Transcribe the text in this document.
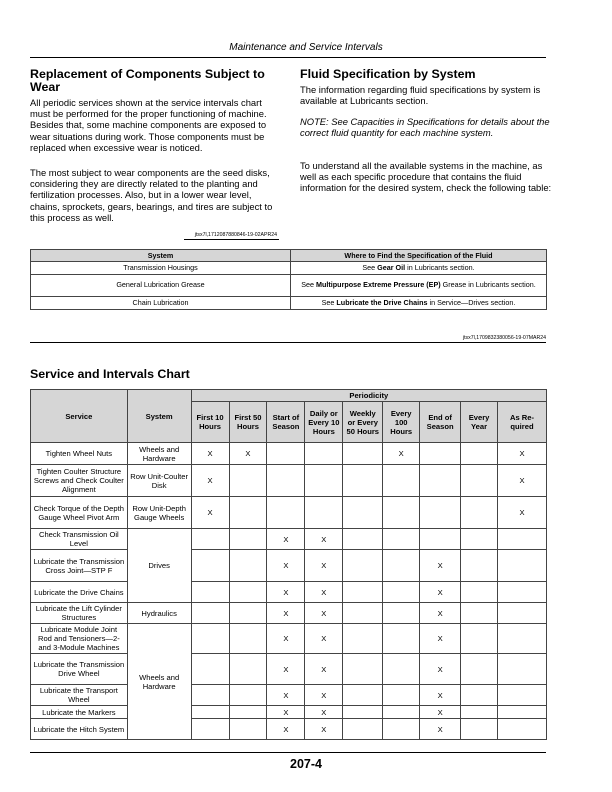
Maintenance and Service Intervals
Replacement of Components Subject to Wear
All periodic services shown at the service intervals chart must be performed for the proper functioning of machine. Besides that, some machine components are exposed to wear situations during work. Those components must be replaced when excessive wear is noticed.
The most subject to wear components are the seed disks, considering they are directly related to the planting and fertilization processes. Also, but in a lower wear level, chains, sprockets, gears, bearings, and tires are subject to this process as well.
jtsx7l,1712087880846-19-02APR24
Fluid Specification by System
The information regarding fluid specifications by system is available at Lubricants section.
NOTE: See Capacities in Specifications for details about the correct fluid quantity for each machine system.
To understand all the available systems in the machine, as well as each specific procedure that contains the fluid information for the desired system, check the following table:
System	Where to Find the Specification of the Fluid
Transmission Housings	See Gear Oil in Lubricants section.
General Lubrication Grease	See Multipurpose Extreme Pressure (EP) Grease in Lubricants section.
Chain Lubrication	See Lubricate the Drive Chains in Service—Drives section.
jtsx7l,1709832380056-19-07MAR24
Service and Intervals Chart
Service	System	Periodicity								
		First 10 Hours	First 50 Hours	Start of Season	Daily or Every 10 Hours	Weekly or Every 50 Hours	Every 100 Hours	End of Season	Every Year	As Re-quired
Tighten Wheel Nuts	Wheels and Hardware	X	X				X			X
Tighten Coulter Structure Screws and Check Coulter Alignment	Row Unit-Coulter Disk	X								X
Check Torque of the Depth Gauge Wheel Pivot Arm	Row Unit-Depth Gauge Wheels	X								X
Check Transmission Oil Level	Drives			X	X					
Lubricate the Transmission Cross Joint—STP F				X	X			X		
Lubricate the Drive Chains				X	X			X		
Lubricate the Lift Cylinder Structures	Hydraulics			X	X			X		
Lubricate Module Joint Rod and Tensioners—2- and 3-Module Machines	Wheels and Hardware			X	X			X		
Lubricate the Transmission Drive Wheel				X	X			X		
Lubricate the Transport Wheel				X	X			X		
Lubricate the Markers				X	X			X		
Lubricate the Hitch System				X	X			X		
207-4
